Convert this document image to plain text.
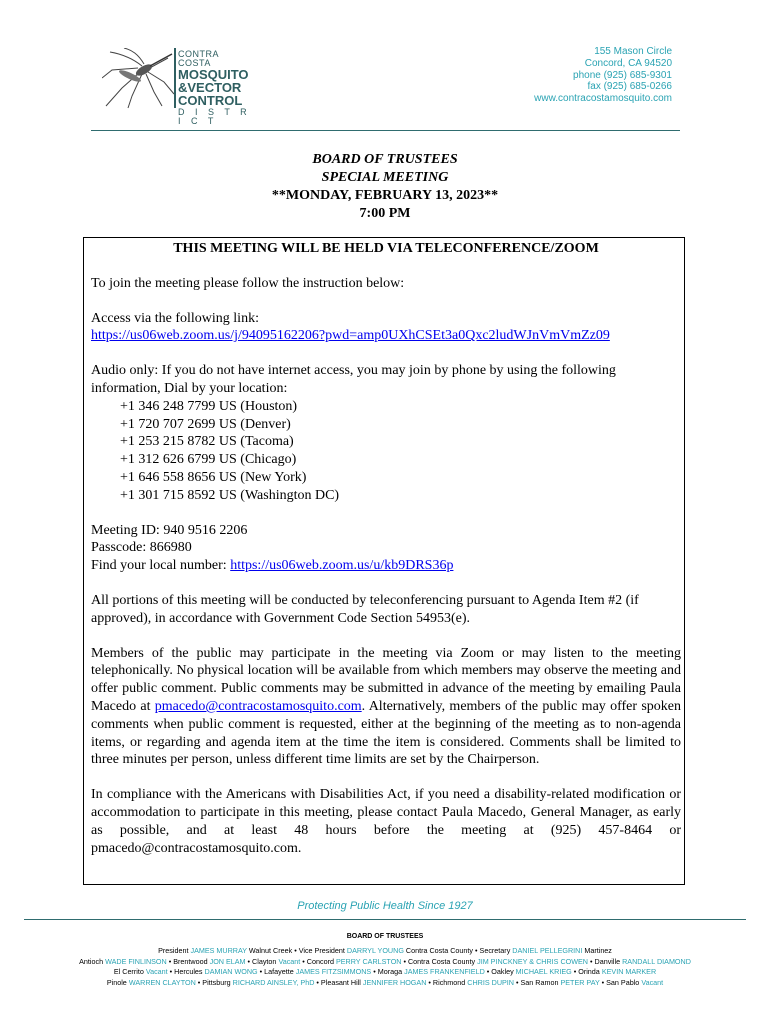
CONTRA COSTA
MOSQUITO
&VECTOR
CONTROL
D I S T R I C T
155 Mason Circle
Concord, CA 94520
phone (925) 685-9301
fax (925) 685-0266
www.contracostamosquito.com
BOARD OF TRUSTEES
SPECIAL MEETING
**MONDAY, FEBRUARY 13, 2023**
7:00 PM

THIS MEETING WILL BE HELD VIA TELECONFERENCE/ZOOM

To join the meeting please follow the instruction below:

Access via the following link:
https://us06web.zoom.us/j/94095162206?pwd=amp0UXhCSEt3a0Qxc2ludWJnVmVmZz09

Audio only: If you do not have internet access, you may join by phone by using the following information, Dial by your location:
+1 346 248 7799 US (Houston)
+1 720 707 2699 US (Denver)
+1 253 215 8782 US (Tacoma)
+1 312 626 6799 US (Chicago)
+1 646 558 8656 US (New York)
+1 301 715 8592 US (Washington DC)

Meeting ID: 940 9516 2206
Passcode: 866980
Find your local number: https://us06web.zoom.us/u/kb9DRS36p

All portions of this meeting will be conducted by teleconferencing pursuant to Agenda Item #2 (if approved), in accordance with Government Code Section 54953(e).

Members of the public may participate in the meeting via Zoom or may listen to the meeting telephonically. No physical location will be available from which members may observe the meeting and offer public comment. Public comments may be submitted in advance of the meeting by emailing Paula Macedo at pmacedo@contracostamosquito.com. Alternatively, members of the public may offer spoken comments when public comment is requested, either at the beginning of the meeting as to non-agenda items, or regarding and agenda item at the time the item is considered. Comments shall be limited to three minutes per person, unless different time limits are set by the Chairperson.

In compliance with the Americans with Disabilities Act, if you need a disability-related modification or accommodation to participate in this meeting, please contact Paula Macedo, General Manager, as early as possible, and at least 48 hours before the meeting at (925) 457-8464 or pmacedo@contracostamosquito.com.

Protecting Public Health Since 1927
BOARD OF TRUSTEES
President JAMES MURRAY Walnut Creek • Vice President DARRYL YOUNG Contra Costa County • Secretary DANIEL PELLEGRINI Martinez
Antioch WADE FINLINSON • Brentwood JON ELAM • Clayton Vacant • Concord PERRY CARLSTON • Contra Costa County JIM PINCKNEY & CHRIS COWEN • Danville RANDALL DIAMOND
El Cerrito Vacant • Hercules DAMIAN WONG • Lafayette JAMES FITZSIMMONS • Moraga JAMES FRANKENFIELD • Oakley MICHAEL KRIEG • Orinda KEVIN MARKER
Pinole WARREN CLAYTON • Pittsburg RICHARD AINSLEY, PhD • Pleasant Hill JENNIFER HOGAN • Richmond CHRIS DUPIN • San Ramon PETER PAY • San Pablo Vacant
